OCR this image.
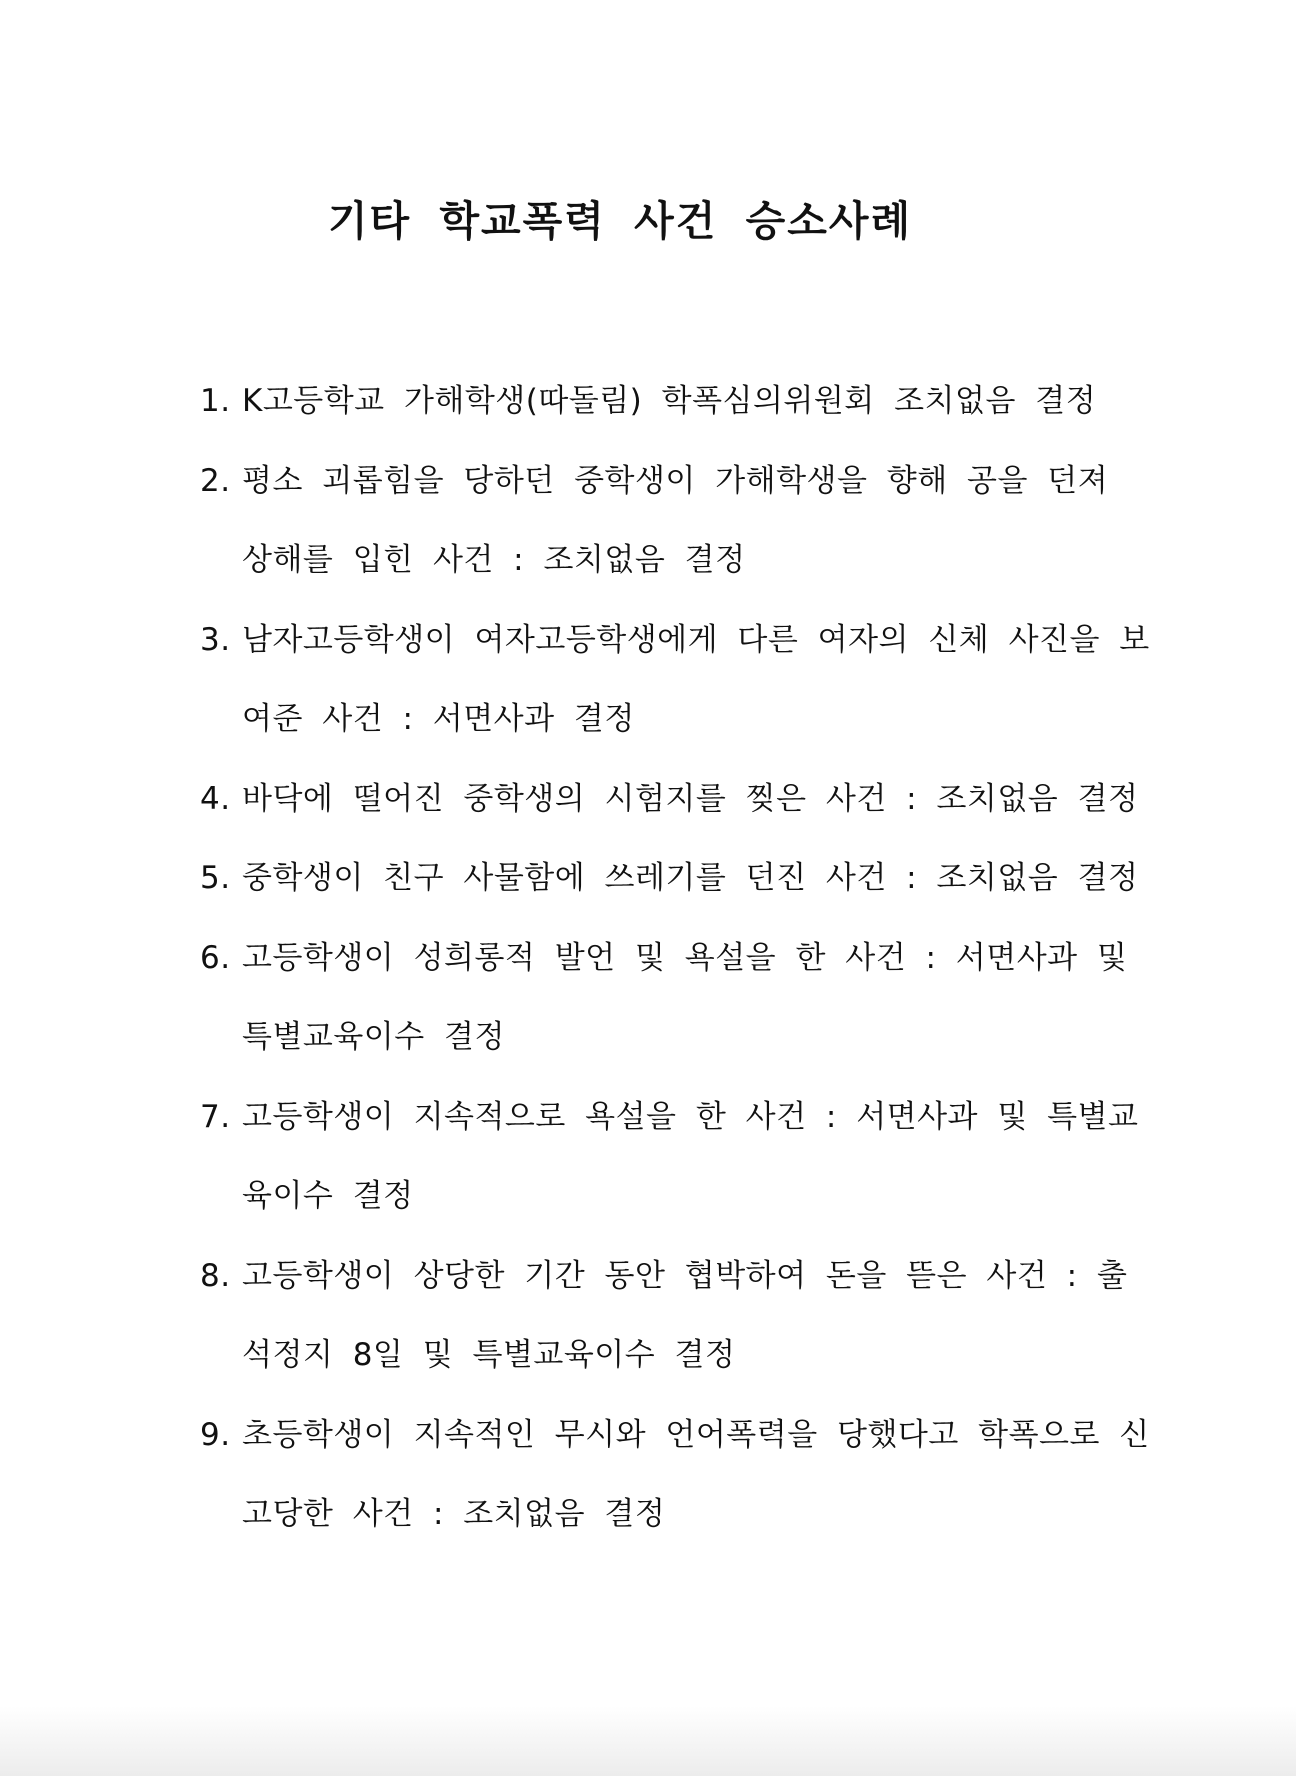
기타 학교폭력 사건 승소사례
1. K고등학교 가해학생(따돌림) 학폭심의위원회 조치없음 결정
2. 평소 괴롭힘을 당하던 중학생이 가해학생을 향해 공을 던져 상해를 입힌 사건 : 조치없음 결정
3. 남자고등학생이 여자고등학생에게 다른 여자의 신체 사진을 보여준 사건 : 서면사과 결정
4. 바닥에 떨어진 중학생의 시험지를 찢은 사건 : 조치없음 결정
5. 중학생이 친구 사물함에 쓰레기를 던진 사건 : 조치없음 결정
6. 고등학생이 성희롱적 발언 및 욕설을 한 사건 : 서면사과 및 특별교육이수 결정
7. 고등학생이 지속적으로 욕설을 한 사건 : 서면사과 및 특별교육이수 결정
8. 고등학생이 상당한 기간 동안 협박하여 돈을 뜯은 사건 : 출석정지 8일 및 특별교육이수 결정
9. 초등학생이 지속적인 무시와 언어폭력을 당했다고 학폭으로 신고당한 사건 : 조치없음 결정
